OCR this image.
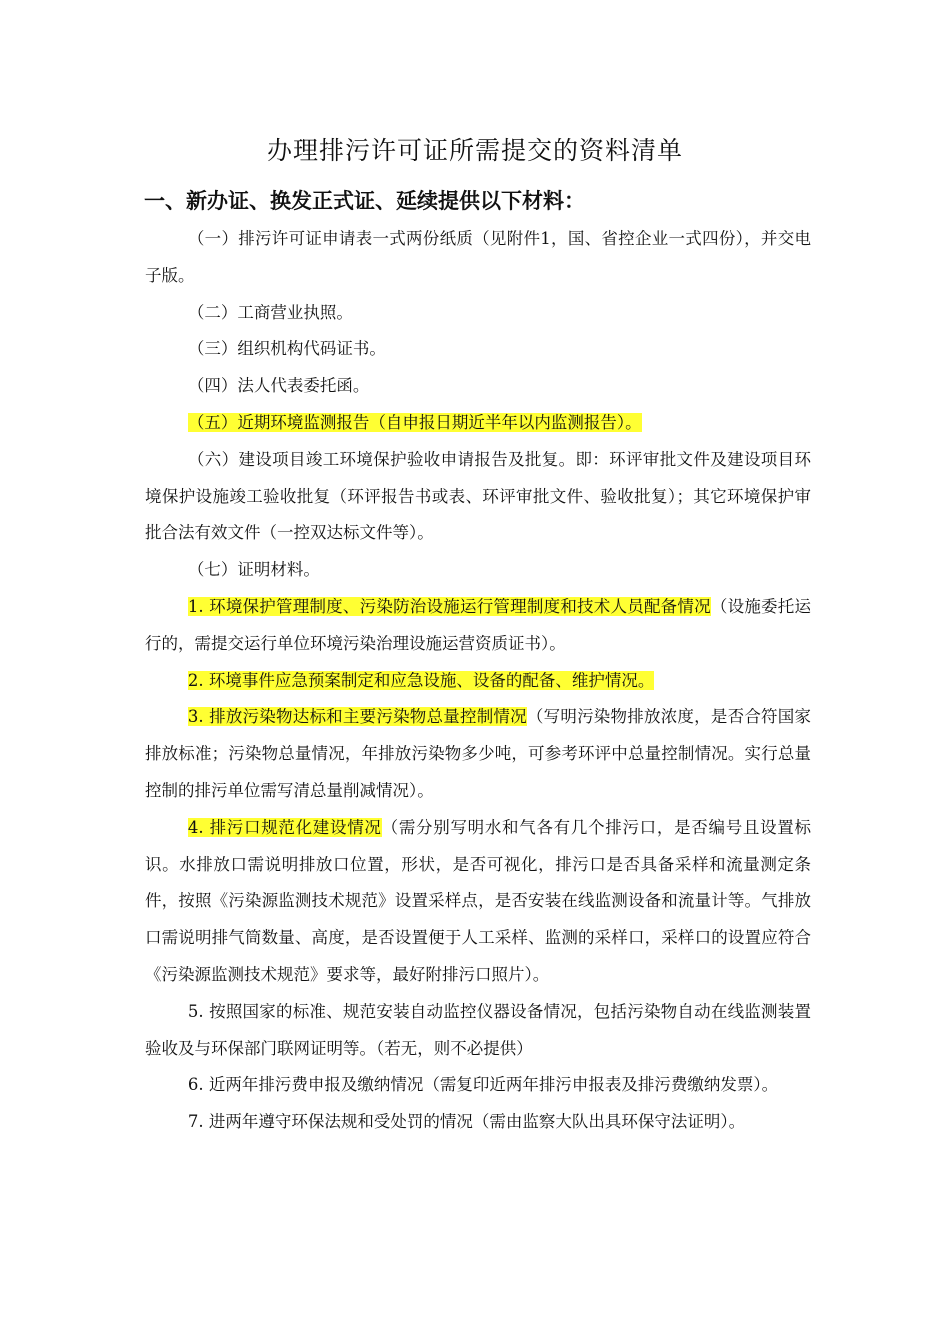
办理排污许可证所需提交的资料清单
一、新办证、换发正式证、延续提供以下材料：

（一）排污许可证申请表一式两份纸质（见附件1，国、省控企业一式四份），并交电子版。

（二）工商营业执照。

（三）组织机构代码证书。

（四）法人代表委托函。

（五）近期环境监测报告（自申报日期近半年以内监测报告）。

（六）建设项目竣工环境保护验收申请报告及批复。即：环评审批文件及建设项目环境保护设施竣工验收批复（环评报告书或表、环评审批文件、验收批复）；其它环境保护审批合法有效文件（一控双达标文件等）。

（七）证明材料。

1. 环境保护管理制度、污染防治设施运行管理制度和技术人员配备情况（设施委托运行的，需提交运行单位环境污染治理设施运营资质证书）。

2. 环境事件应急预案制定和应急设施、设备的配备、维护情况。

3. 排放污染物达标和主要污染物总量控制情况（写明污染物排放浓度，是否合符国家排放标准；污染物总量情况，年排放污染物多少吨，可参考环评中总量控制情况。实行总量控制的排污单位需写清总量削减情况）。

4. 排污口规范化建设情况（需分别写明水和气各有几个排污口，是否编号且设置标识。水排放口需说明排放口位置，形状，是否可视化，排污口是否具备采样和流量测定条件，按照《污染源监测技术规范》设置采样点，是否安装在线监测设备和流量计等。气排放口需说明排气筒数量、高度，是否设置便于人工采样、监测的采样口，采样口的设置应符合《污染源监测技术规范》要求等，最好附排污口照片）。

5. 按照国家的标准、规范安装自动监控仪器设备情况，包括污染物自动在线监测装置验收及与环保部门联网证明等。（若无，则不必提供）

6. 近两年排污费申报及缴纳情况（需复印近两年排污申报表及排污费缴纳发票）。

7. 进两年遵守环保法规和受处罚的情况（需由监察大队出具环保守法证明）。
